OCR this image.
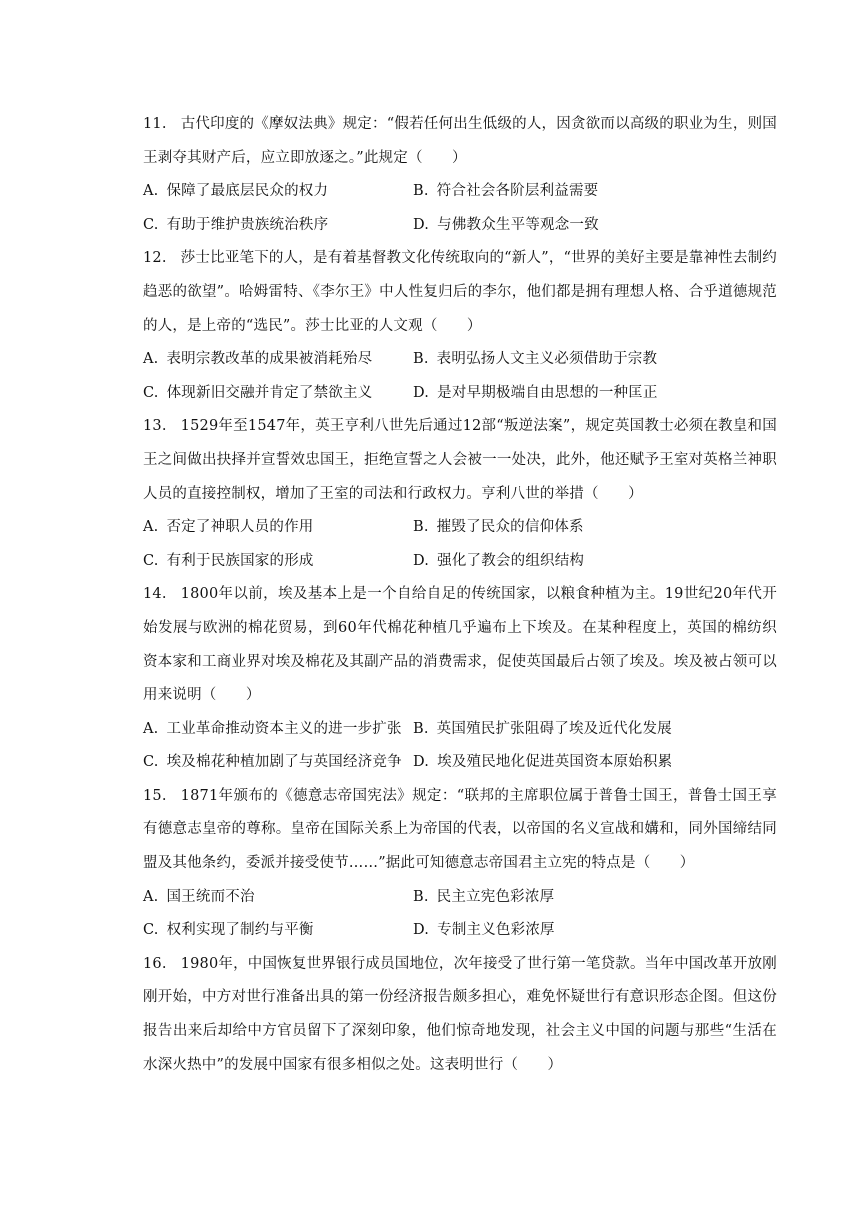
11. 古代印度的《摩奴法典》规定：“假若任何出生低级的人，因贪欲而以高级的职业为生，则国王剥夺其财产后，应立即放逐之。”此规定（　　）

A. 保障了最底层民众的权力	B. 符合社会各阶层利益需要
C. 有助于维护贵族统治秩序	D. 与佛教众生平等观念一致

12. 莎士比亚笔下的人，是有着基督教文化传统取向的“新人”，“世界的美好主要是靠神性去制约趋恶的欲望”。哈姆雷特、《李尔王》中人性复归后的李尔，他们都是拥有理想人格、合乎道德规范的人，是上帝的“选民”。莎士比亚的人文观（　　）

A. 表明宗教改革的成果被消耗殆尽	B. 表明弘扬人文主义必须借助于宗教
C. 体现新旧交融并肯定了禁欲主义	D. 是对早期极端自由思想的一种匡正

13. 1529年至1547年，英王亨利八世先后通过12部“叛逆法案”，规定英国教士必须在教皇和国王之间做出抉择并宣誓效忠国王，拒绝宣誓之人会被一一处决，此外，他还赋予王室对英格兰神职人员的直接控制权，增加了王室的司法和行政权力。亨利八世的举措（　　）

A. 否定了神职人员的作用	B. 摧毁了民众的信仰体系
C. 有利于民族国家的形成	D. 强化了教会的组织结构

14. 1800年以前，埃及基本上是一个自给自足的传统国家，以粮食种植为主。19世纪20年代开始发展与欧洲的棉花贸易，到60年代棉花种植几乎遍布上下埃及。在某种程度上，英国的棉纺织资本家和工商业界对埃及棉花及其副产品的消费需求，促使英国最后占领了埃及。埃及被占领可以用来说明（　　）

A. 工业革命推动资本主义的进一步扩张 B. 英国殖民扩张阻碍了埃及近代化发展
C. 埃及棉花种植加剧了与英国经济竞争 D. 埃及殖民地化促进英国资本原始积累

15. 1871年颁布的《德意志帝国宪法》规定：“联邦的主席职位属于普鲁士国王，普鲁士国王享有德意志皇帝的尊称。皇帝在国际关系上为帝国的代表，以帝国的名义宣战和媾和，同外国缔结同盟及其他条约，委派并接受使节……”据此可知德意志帝国君主立宪的特点是（　　）

A. 国王统而不治	B. 民主立宪色彩浓厚
C. 权利实现了制约与平衡	D. 专制主义色彩浓厚

16. 1980年，中国恢复世界银行成员国地位，次年接受了世行第一笔贷款。当年中国改革开放刚刚开始，中方对世行准备出具的第一份经济报告颇多担心，难免怀疑世行有意识形态企图。但这份报告出来后却给中方官员留下了深刻印象，他们惊奇地发现，社会主义中国的问题与那些“生活在水深火热中”的发展中国家有很多相似之处。这表明世行（　　）
